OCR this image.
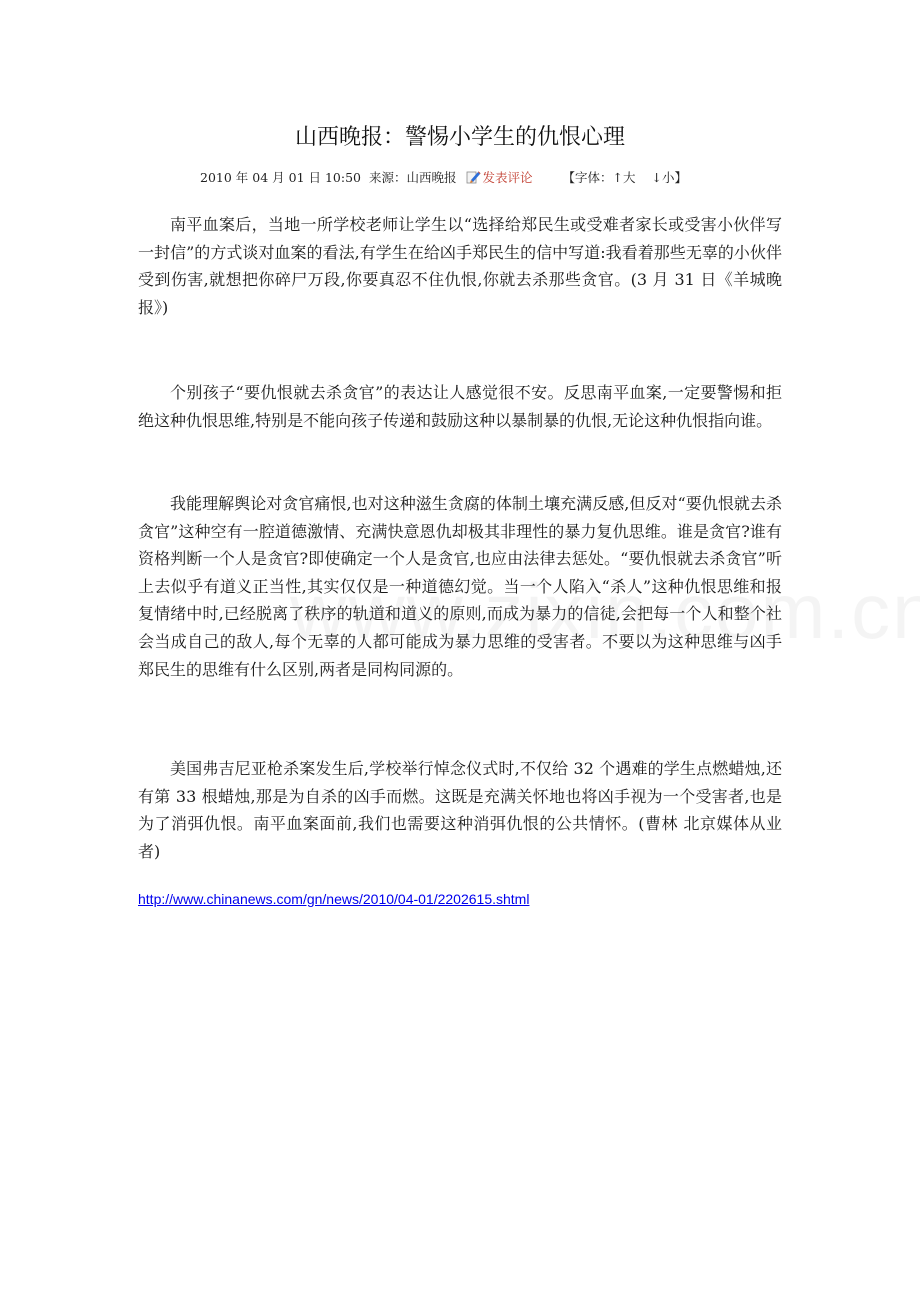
山西晚报：警惕小学生的仇恨心理
2010 年 04 月 01 日 10:50 来源：山西晚报 发表评论 【字体： ↑大 ↓小】

南平血案后，当地一所学校老师让学生以“选择给郑民生或受难者家长或受害小伙伴写一封信”的方式谈对血案的看法,有学生在给凶手郑民生的信中写道:我看着那些无辜的小伙伴受到伤害,就想把你碎尸万段,你要真忍不住仇恨,你就去杀那些贪官。(3 月 31 日《羊城晚报》)

个别孩子“要仇恨就去杀贪官”的表达让人感觉很不安。反思南平血案,一定要警惕和拒绝这种仇恨思维,特别是不能向孩子传递和鼓励这种以暴制暴的仇恨,无论这种仇恨指向谁。

我能理解舆论对贪官痛恨,也对这种滋生贪腐的体制土壤充满反感,但反对“要仇恨就去杀贪官”这种空有一腔道德激情、充满快意恩仇却极其非理性的暴力复仇思维。谁是贪官?谁有资格判断一个人是贪官?即使确定一个人是贪官,也应由法律去惩处。“要仇恨就去杀贪官”听上去似乎有道义正当性,其实仅仅是一种道德幻觉。当一个人陷入“杀人”这种仇恨思维和报复情绪中时,已经脱离了秩序的轨道和道义的原则,而成为暴力的信徒,会把每一个人和整个社会当成自己的敌人,每个无辜的人都可能成为暴力思维的受害者。不要以为这种思维与凶手郑民生的思维有什么区别,两者是同构同源的。

美国弗吉尼亚枪杀案发生后,学校举行悼念仪式时,不仅给 32 个遇难的学生点燃蜡烛,还有第 33 根蜡烛,那是为自杀的凶手而燃。这既是充满关怀地也将凶手视为一个受害者,也是为了消弭仇恨。南平血案面前,我们也需要这种消弭仇恨的公共情怀。(曹林 北京媒体从业者)

http://www.chinanews.com/gn/news/2010/04-01/2202615.shtml
